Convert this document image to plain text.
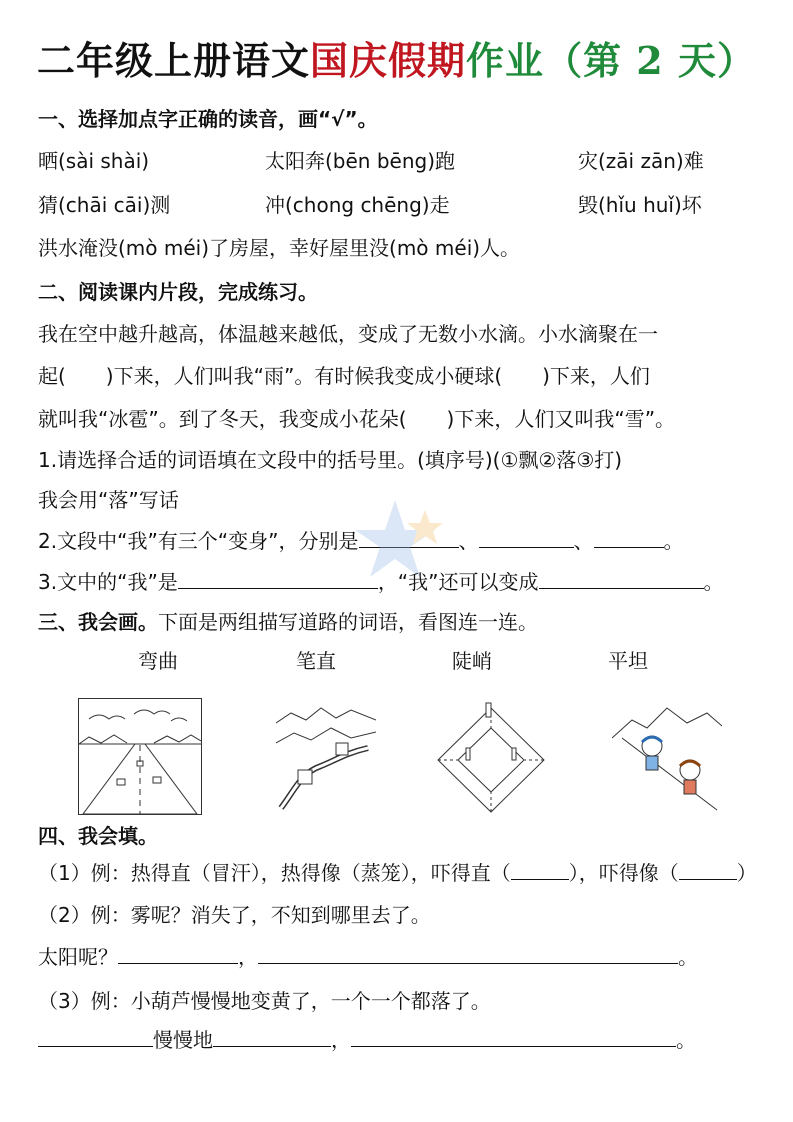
二年级上册语文国庆假期作业（第 2 天）
一、选择加点字正确的读音，画“√”。
晒(sài shài)	太阳奔(bēn bēng)跑	灾(zāi zān)难
猜(chāi cāi)测	冲(chong chēng)走	毁(hǐu huǐ)坏
洪水淹没(mò méi)了房屋，幸好屋里没(mò méi)人。
二、阅读课内片段，完成练习。
我在空中越升越高，体温越来越低，变成了无数小水滴。小水滴聚在一
起(　　)下来，人们叫我“雨”。有时候我变成小硬球(　　)下来，人们
就叫我“冰雹”。到了冬天，我变成小花朵(　　)下来，人们又叫我“雪”。
1.请选择合适的词语填在文段中的括号里。(填序号)(①飘②落③打)
我会用“落”写话
2.文段中“我”有三个“变身”，分别是	、	、	。
3.文中的“我”是	，“我”还可以变成	。
三、我会画。下面是两组描写道路的词语，看图连一连。
弯曲	笔直	陡峭	平坦
四、我会填。
（1）例：热得直（冒汗），热得像（蒸笼），吓得直（	），吓得像（	）
（2）例：雾呢？消失了，不知到哪里去了。
太阳呢？	，	。
（3）例：小葫芦慢慢地变黄了，一个一个都落了。
慢慢地	，	。
